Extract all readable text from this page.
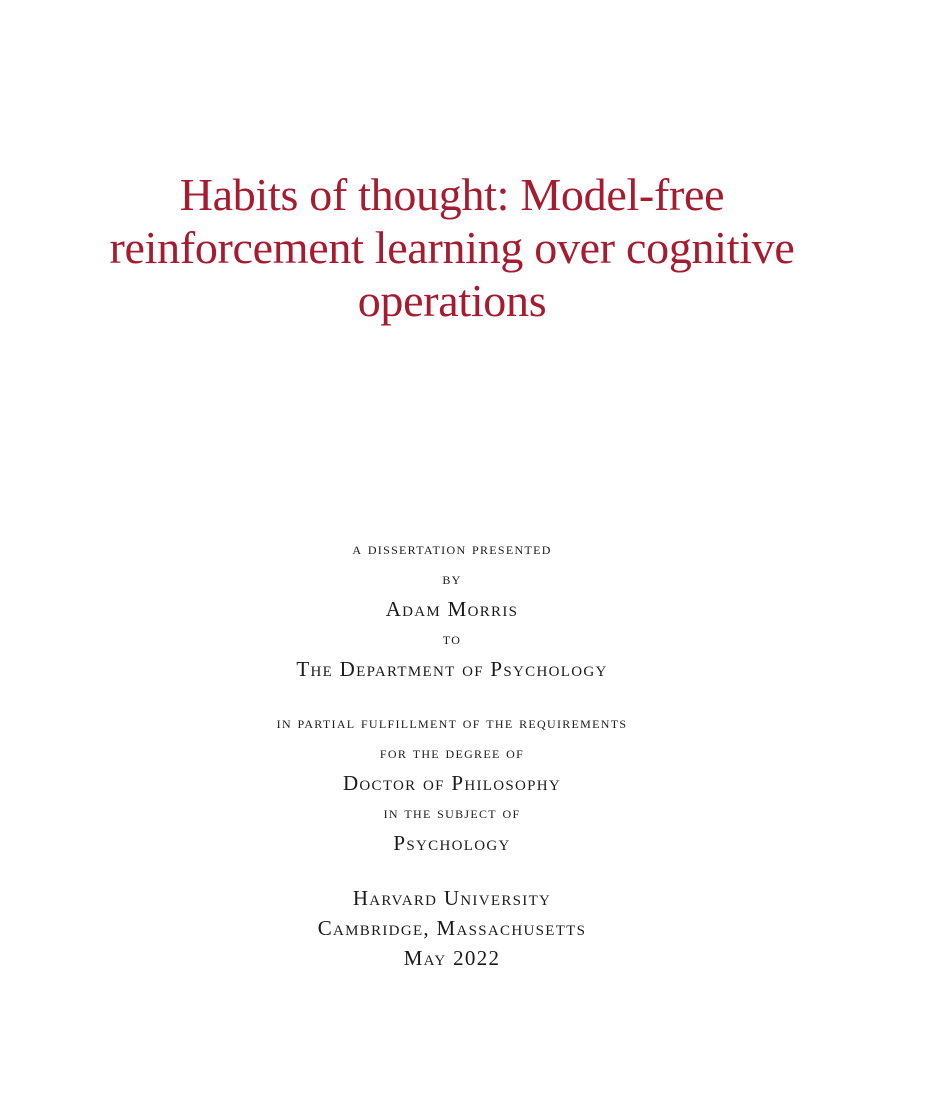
Habits of thought: Model-free
reinforcement learning over cognitive
operations
a dissertation presented
by
Adam Morris
to
The Department of Psychology
in partial fulfillment of the requirements
for the degree of
Doctor of Philosophy
in the subject of
Psychology
Harvard University
Cambridge, Massachusetts
May 2022
